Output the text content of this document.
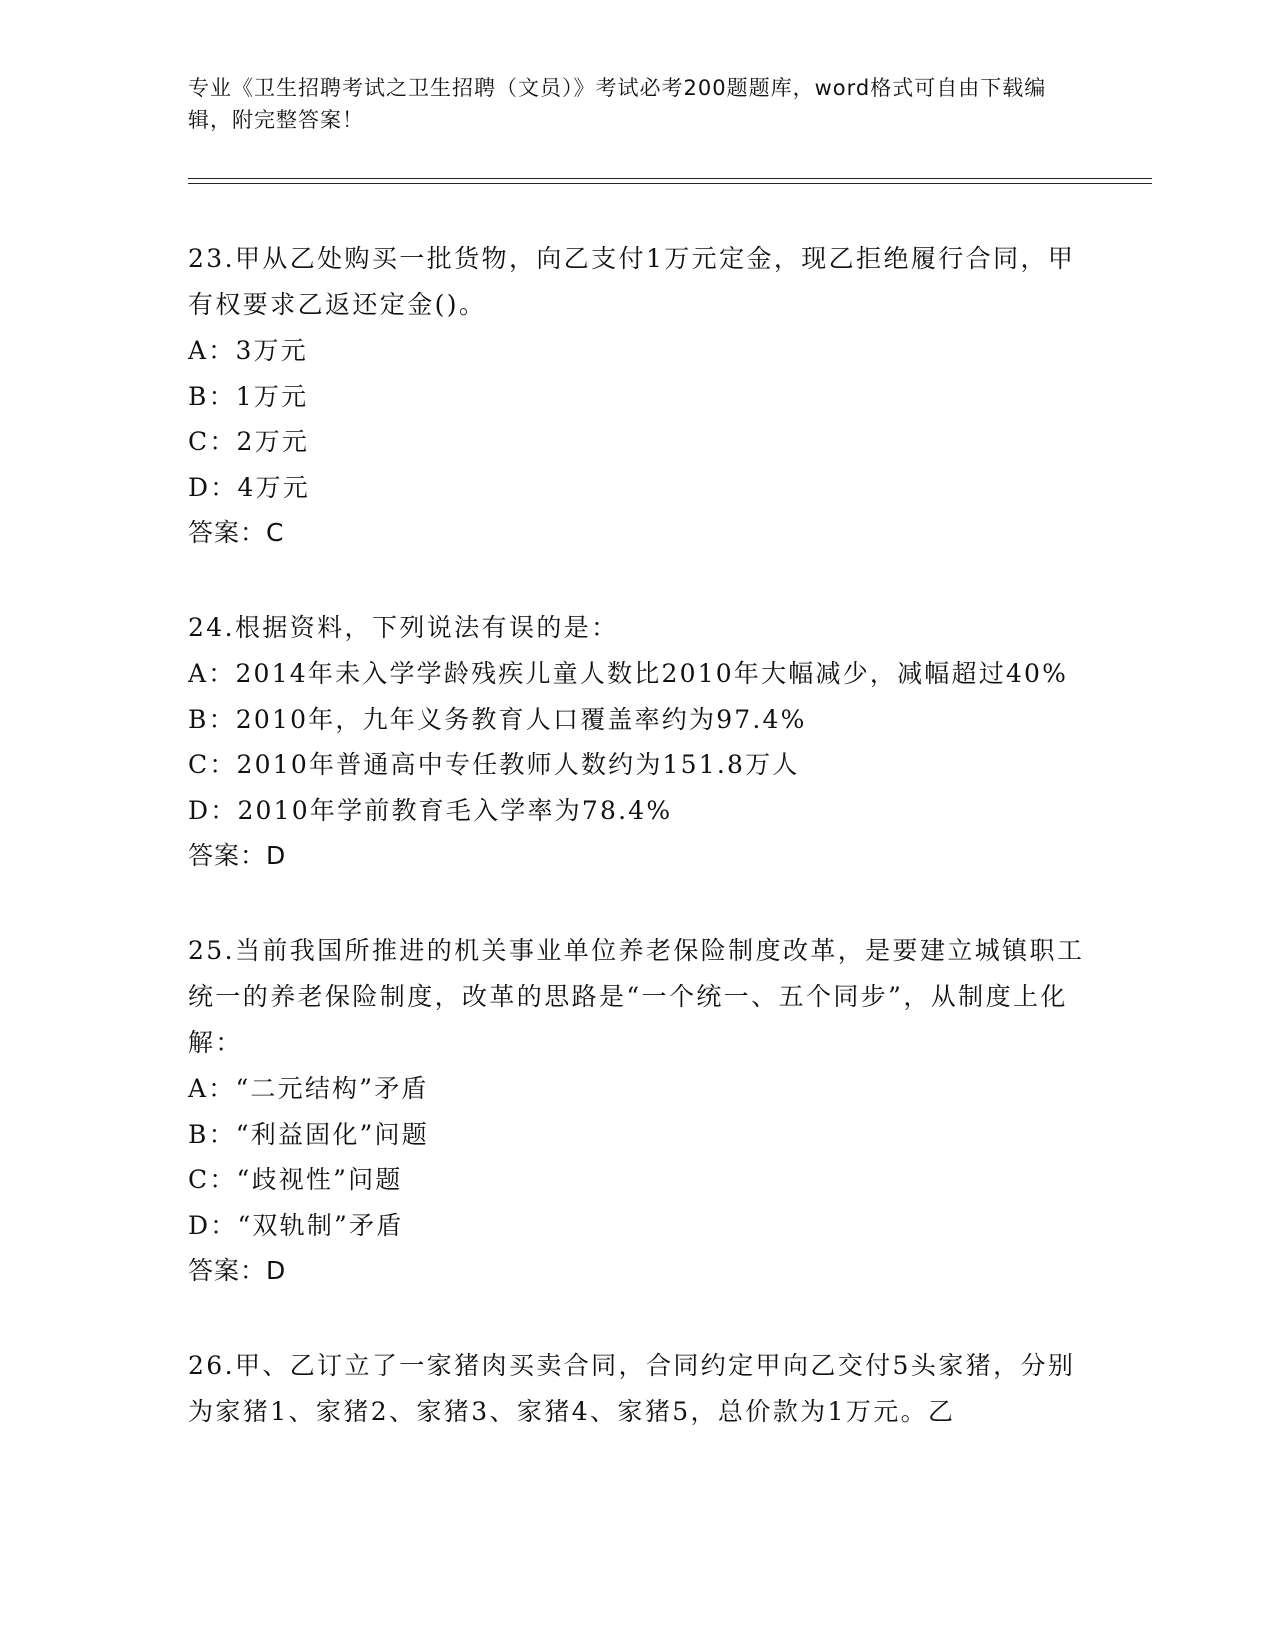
专业《卫生招聘考试之卫生招聘（文员）》考试必考200题题库，word格式可自由下载编辑，附完整答案！

23.甲从乙处购买一批货物，向乙支付1万元定金，现乙拒绝履行合同，甲有权要求乙返还定金()。

A：3万元

B：1万元

C：2万元

D：4万元

答案：C

24.根据资料，下列说法有误的是：

A：2014年未入学学龄残疾儿童人数比2010年大幅减少，减幅超过40%

B：2010年，九年义务教育人口覆盖率约为97.4%

C：2010年普通高中专任教师人数约为151.8万人

D：2010年学前教育毛入学率为78.4%

答案：D

25.当前我国所推进的机关事业单位养老保险制度改革，是要建立城镇职工统一的养老保险制度，改革的思路是“一个统一、五个同步”，从制度上化解：

A：“二元结构”矛盾

B：“利益固化”问题

C：“歧视性”问题

D：“双轨制”矛盾

答案：D

26.甲、乙订立了一家猪肉买卖合同，合同约定甲向乙交付5头家猪，分别为家猪1、家猪2、家猪3、家猪4、家猪5，总价款为1万元。乙
